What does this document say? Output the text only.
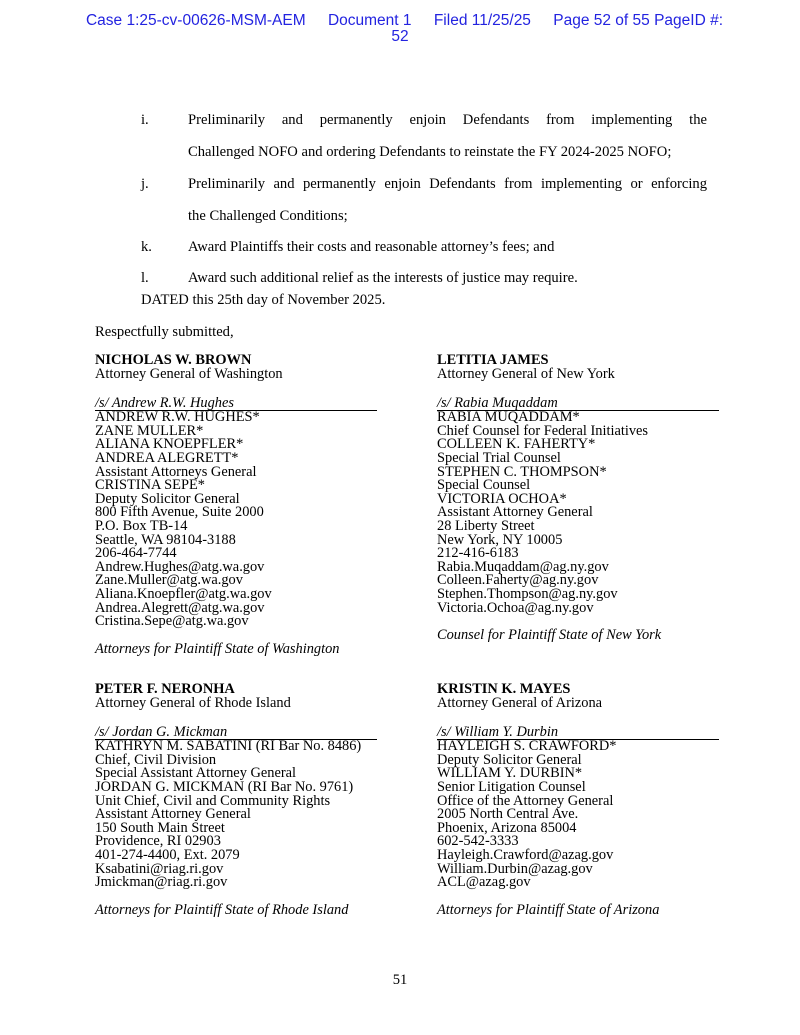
Case 1:25-cv-00626-MSM-AEM Document 1 Filed 11/25/25 Page 52 of 55 PageID #:
52
i.	Preliminarily and permanently enjoin Defendants from implementing the
Challenged NOFO and ordering Defendants to reinstate the FY 2024-2025 NOFO;
j.	Preliminarily and permanently enjoin Defendants from implementing or enforcing
the Challenged Conditions;
k.	Award Plaintiffs their costs and reasonable attorney’s fees; and
l.	Award such additional relief as the interests of justice may require.
DATED this 25th day of November 2025.
Respectfully submitted,
NICHOLAS W. BROWN
Attorney General of Washington
/s/ Andrew R.W. Hughes
ANDREW R.W. HUGHES*
ZANE MULLER*
ALIANA KNOEPFLER*
ANDREA ALEGRETT*
Assistant Attorneys General
CRISTINA SEPE*
Deputy Solicitor General
800 Fifth Avenue, Suite 2000
P.O. Box TB-14
Seattle, WA 98104-3188
206-464-7744
Andrew.Hughes@atg.wa.gov
Zane.Muller@atg.wa.gov
Aliana.Knoepfler@atg.wa.gov
Andrea.Alegrett@atg.wa.gov
Cristina.Sepe@atg.wa.gov
Attorneys for Plaintiff State of Washington
LETITIA JAMES
Attorney General of New York
/s/ Rabia Muqaddam
RABIA MUQADDAM*
Chief Counsel for Federal Initiatives
COLLEEN K. FAHERTY*
Special Trial Counsel
STEPHEN C. THOMPSON*
Special Counsel
VICTORIA OCHOA*
Assistant Attorney General
28 Liberty Street
New York, NY 10005
212-416-6183
Rabia.Muqaddam@ag.ny.gov
Colleen.Faherty@ag.ny.gov
Stephen.Thompson@ag.ny.gov
Victoria.Ochoa@ag.ny.gov
Counsel for Plaintiff State of New York
PETER F. NERONHA
Attorney General of Rhode Island
/s/ Jordan G. Mickman
KATHRYN M. SABATINI (RI Bar No. 8486)
Chief, Civil Division
Special Assistant Attorney General
JORDAN G. MICKMAN (RI Bar No. 9761)
Unit Chief, Civil and Community Rights
Assistant Attorney General
150 South Main Street
Providence, RI 02903
401-274-4400, Ext. 2079
Ksabatini@riag.ri.gov
Jmickman@riag.ri.gov
Attorneys for Plaintiff State of Rhode Island
KRISTIN K. MAYES
Attorney General of Arizona
/s/ William Y. Durbin
HAYLEIGH S. CRAWFORD*
Deputy Solicitor General
WILLIAM Y. DURBIN*
Senior Litigation Counsel
Office of the Attorney General
2005 North Central Ave.
Phoenix, Arizona 85004
602-542-3333
Hayleigh.Crawford@azag.gov
William.Durbin@azag.gov
ACL@azag.gov
Attorneys for Plaintiff State of Arizona
51
